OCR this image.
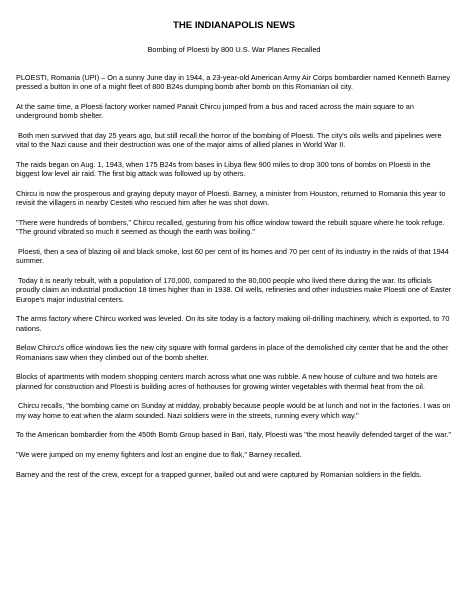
THE INDIANAPOLIS NEWS
Bombing of Ploesti by 800 U.S. War Planes Recalled

PLOESTI, Romania (UPI) – On a sunny June day in 1944, a 23-year-old American Army Air Corps bombardier named Kenneth Barney pressed a button in one of a might fleet of 800 B24s dumping bomb after bomb on this Romanian oil city.

At the same time, a Ploesti factory worker named Panait Chircu jumped from a bus and raced across the main square to an underground bomb shelter.

Both men survived that day 25 years ago, but still recall the horror of the bombing of Ploesti. The city's oils wells and pipelines were vital to the Nazi cause and their destruction was one of the major aims of allied planes in World War II.

The raids began on Aug. 1, 1943, when 175 B24s from bases in Libya flew 900 miles to drop 300 tons of bombs on Ploesti in the biggest low level air raid. The first big attack was followed up by others.

Chircu is now the prosperous and graying deputy mayor of Ploesti. Barney, a minister from Houston, returned to Romania this year to revisit the villagers in nearby Cesteti who rescued him after he was shot down.

"There were hundreds of bombers," Chircu recalled, gesturing from his office window toward the rebuilt square where he took refuge. "The ground vibrated so much it seemed as though the earth was boiling."

Ploesti, then a sea of blazing oil and black smoke, lost 60 per cent of its homes and 70 per cent of its industry in the raids of that 1944 summer.

Today it is nearly rebuilt, with a population of 170,000, compared to the 80,000 people who lived there during the war. Its officials proudly claim an industrial production 18 times higher than in 1938. Oil wells, refineries and other industries make Ploesti one of Easter Europe's major industrial centers.

The arms factory where Chircu worked was leveled. On its site today is a factory making oil-drilling machinery, which is exported, to 70 nations.

Below Chircu's office windows lies the new city square with formal gardens in place of the demolished city center that he and the other Romanians saw when they climbed out of the bomb shelter.

Blocks of apartments with modern shopping centers march across what one was rubble. A new house of culture and two hotels are planned for construction and Ploesti is building acres of hothouses for growing winter vegetables with thermal heat from the oil.

Chircu recalls, "the bombing came on Sunday at midday, probably because people would be at lunch and not in the factories. I was on my way home to eat when the alarm sounded. Nazi soldiers were in the streets, running every which way."

To the American bombardier from the 450th Bomb Group based in Bari, Italy, Ploesti was "the most heavily defended target of the war."

"We were jumped on my enemy fighters and lost an engine due to flak," Barney recalled.

Barney and the rest of the crew, except for a trapped gunner, bailed out and were captured by Romanian soldiers in the fields.
